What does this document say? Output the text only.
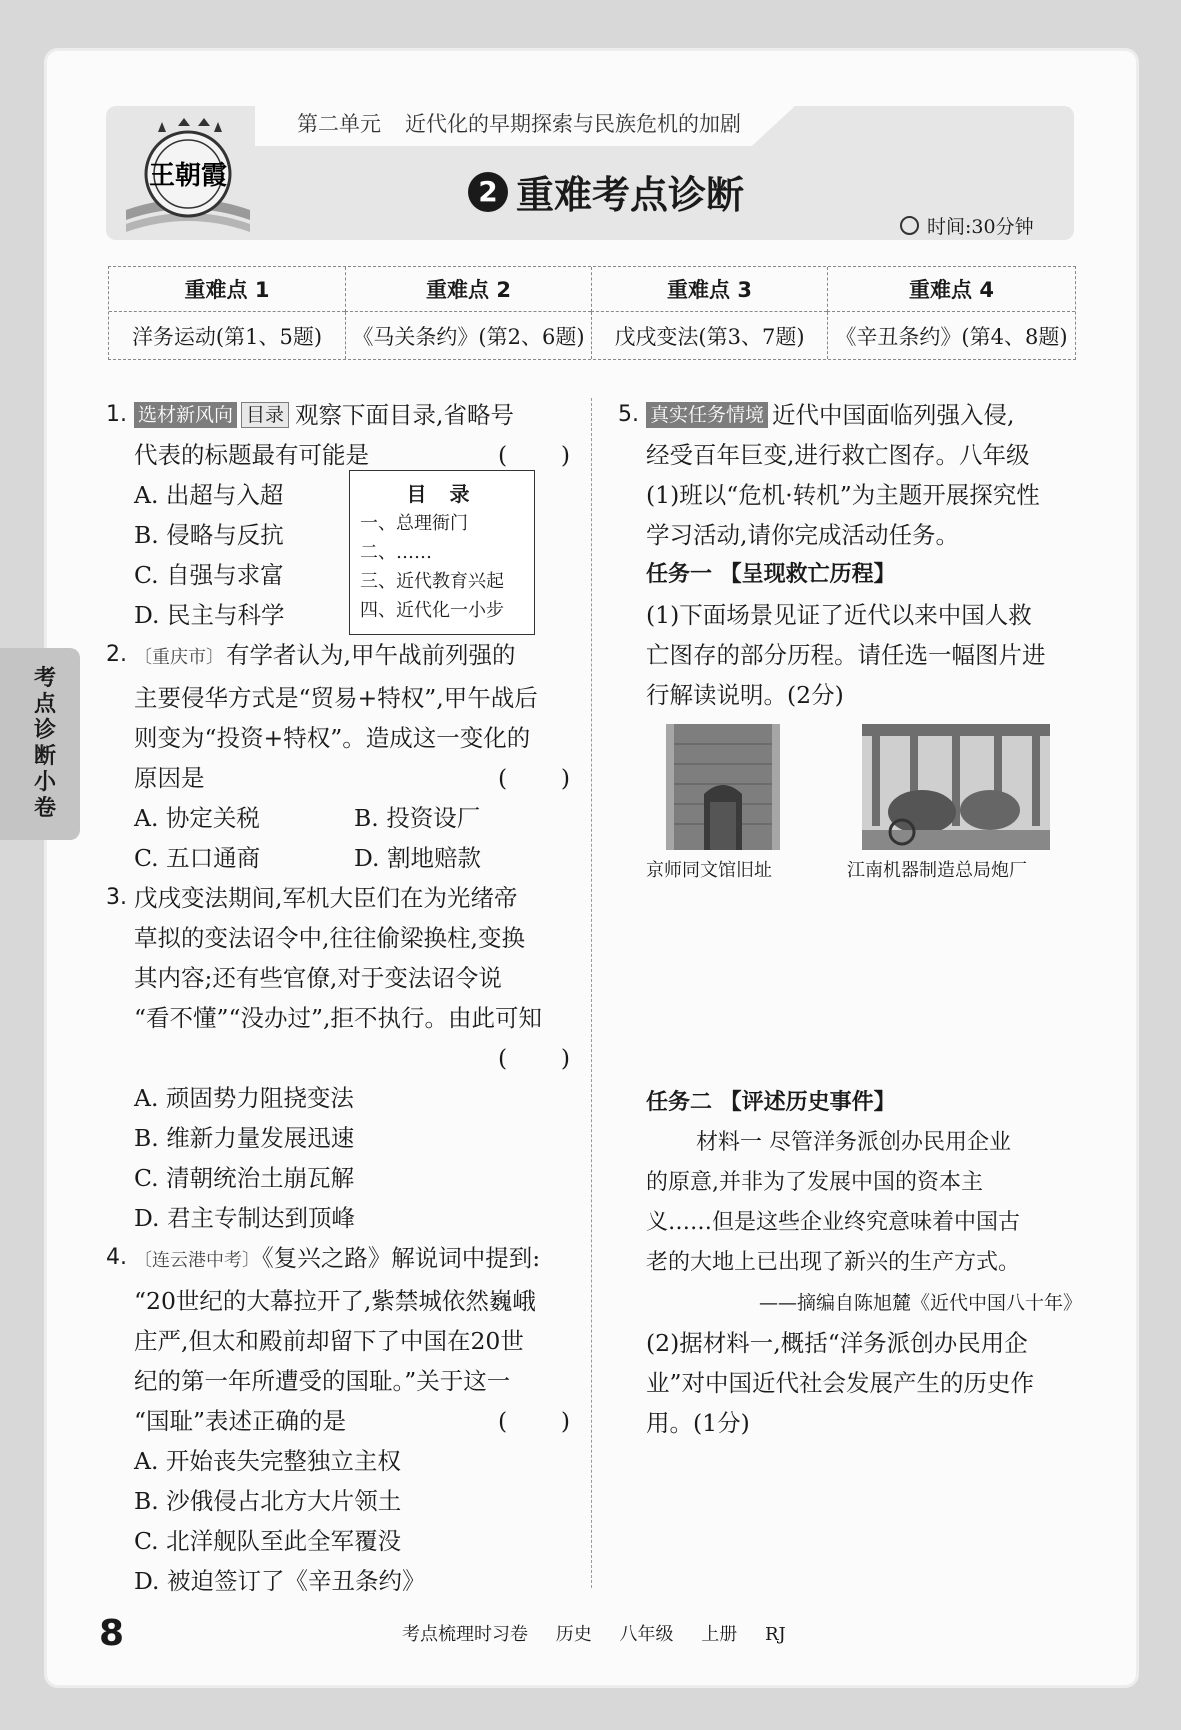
王朝霞
第二单元 近代化的早期探索与民族危机的加剧
2 重难考点诊断
时间:30分钟
重难点 1	重难点 2	重难点 3	重难点 4
洋务运动(第1、5题)	《马关条约》(第2、6题)	戊戌变法(第3、7题)	《辛丑条约》(第4、8题)
1. 选材新风向 目录 观察下面目录,省略号
代表的标题最有可能是	( )
A. 出超与入超
B. 侵略与反抗
C. 自强与求富
D. 民主与科学
2. 〔重庆市〕有学者认为,甲午战前列强的
主要侵华方式是“贸易+特权”,甲午战后
则变为“投资+特权”。造成这一变化的
原因是	( )
A. 协定关税	B. 投资设厂
C. 五口通商	D. 割地赔款
3. 戊戌变法期间,军机大臣们在为光绪帝
草拟的变法诏令中,往往偷梁换柱,变换
其内容;还有些官僚,对于变法诏令说
“看不懂”“没办过”,拒不执行。由此可知
( )
A. 顽固势力阻挠变法
B. 维新力量发展迅速
C. 清朝统治土崩瓦解
D. 君主专制达到顶峰
4. 〔连云港中考〕《复兴之路》解说词中提到:
“20世纪的大幕拉开了,紫禁城依然巍峨
庄严,但太和殿前却留下了中国在20世
纪的第一年所遭受的国耻。”关于这一
“国耻”表述正确的是	( )
A. 开始丧失完整独立主权
B. 沙俄侵占北方大片领土
C. 北洋舰队至此全军覆没
D. 被迫签订了《辛丑条约》
目 录
一、总理衙门
二、……
三、近代教育兴起
四、近代化一小步
5. 真实任务情境 近代中国面临列强入侵,
经受百年巨变,进行救亡图存。八年级
(1)班以“危机·转机”为主题开展探究性
学习活动,请你完成活动任务。
任务一 【呈现救亡历程】
(1)下面场景见证了近代以来中国人救
亡图存的部分历程。请任选一幅图片进
行解读说明。(2分)
任务二 【评述历史事件】
材料一 尽管洋务派创办民用企业
的原意,并非为了发展中国的资本主
义……但是这些企业终究意味着中国古
老的大地上已出现了新兴的生产方式。
——摘编自陈旭麓《近代中国八十年》
(2)据材料一,概括“洋务派创办民用企
业”对中国近代社会发展产生的历史作
用。(1分)
京师同文馆旧址	江南机器制造总局炮厂
考
点
诊
断
小
卷
8	考点梳理时习卷 历史 八年级 上册 RJ
